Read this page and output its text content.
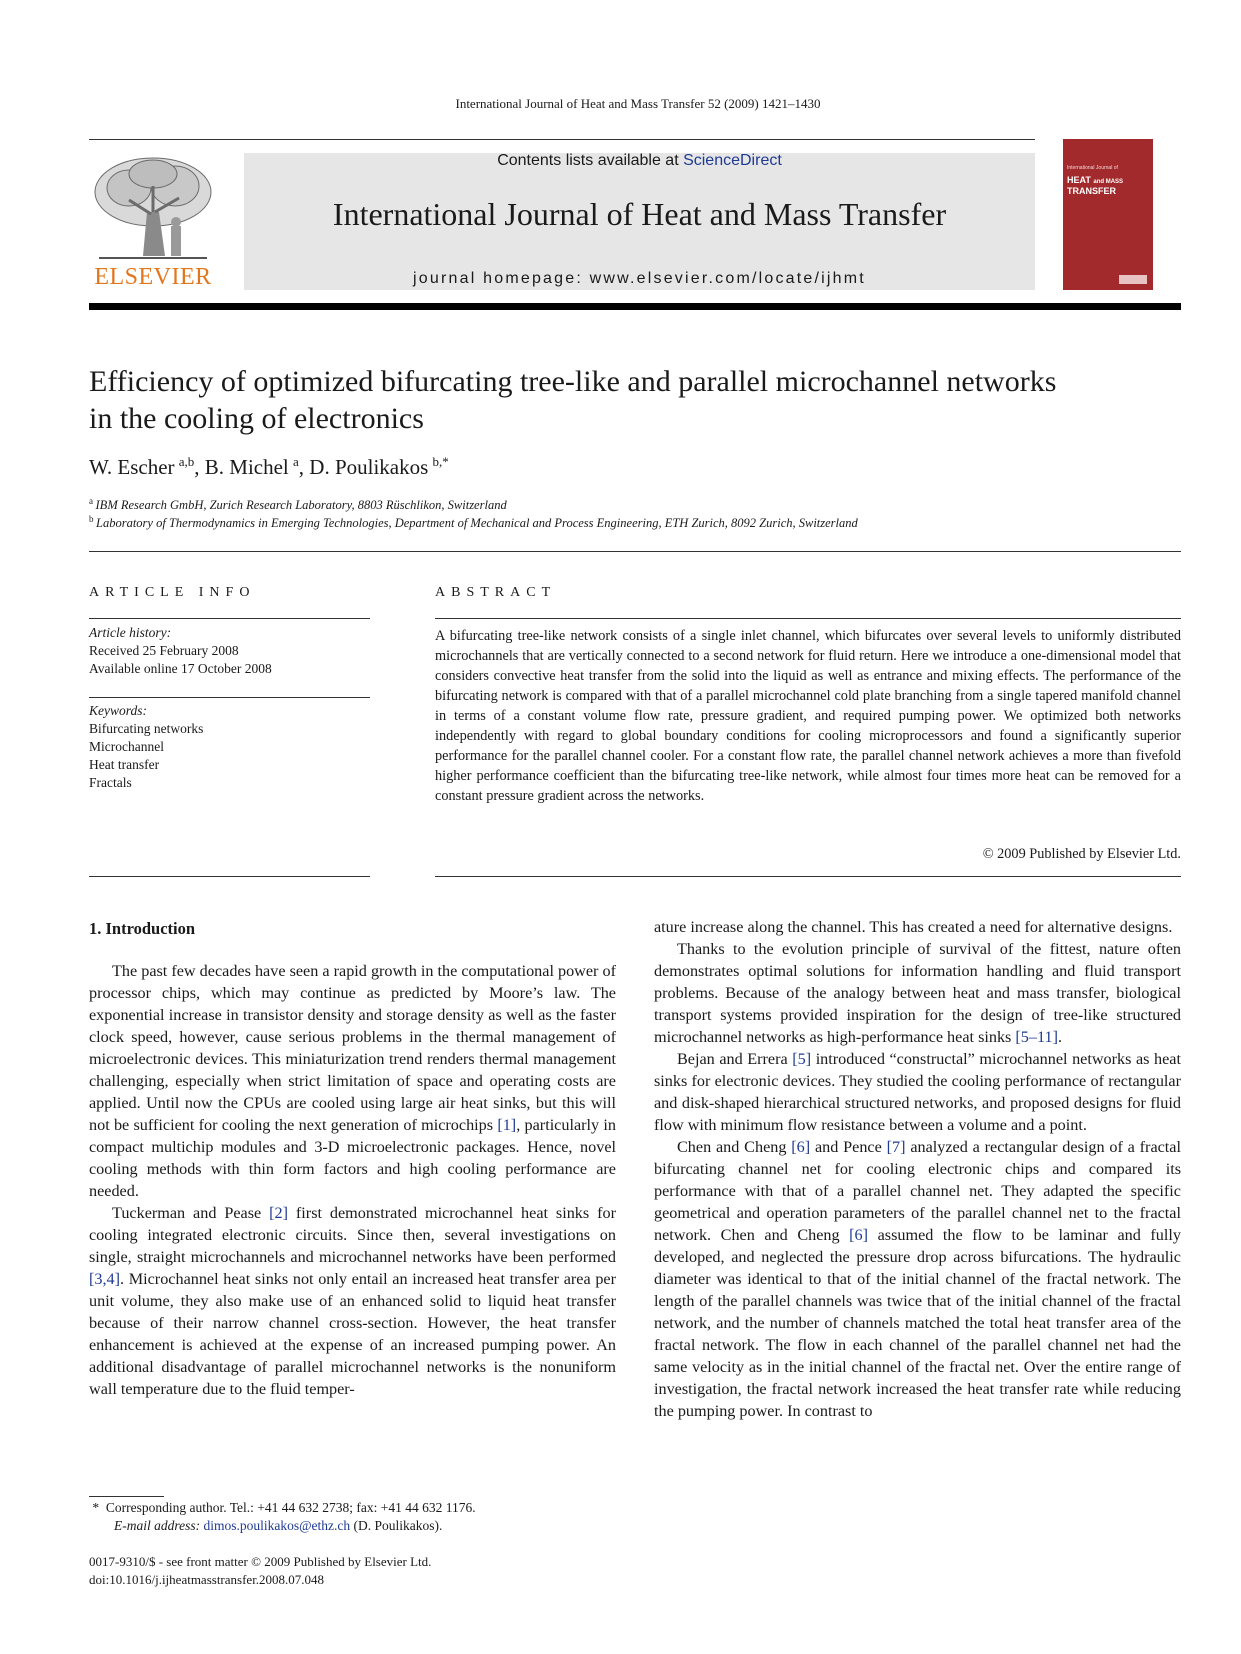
International Journal of Heat and Mass Transfer 52 (2009) 1421–1430
ELSEVIER
Contents lists available at ScienceDirect
International Journal of Heat and Mass Transfer
journal homepage: www.elsevier.com/locate/ijhmt
International Journal of
HEAT and MASS
TRANSFER
Efficiency of optimized bifurcating tree-like and parallel microchannel networks
in the cooling of electronics
W. Escher  $^{a,b}$, B. Michel  $^a$, D. Poulikakos  $^{b,*}$
$^a$  IBM Research GmbH, Zurich Research Laboratory, 8803 Rüschlikon, Switzerland
$^b$  Laboratory of Thermodynamics in Emerging Technologies, Department of Mechanical and Process Engineering, ETH Zurich, 8092 Zurich, Switzerland
ARTICLE INFO
Article history:
Received 25 February 2008
Available online 17 October 2008
Keywords:
Bifurcating networks
Microchannel
Heat transfer
Fractals
ABSTRACT
A bifurcating tree-like network consists of a single inlet channel, which bifurcates over several levels to uniformly distributed microchannels that are vertically connected to a second network for fluid return. Here we introduce a one-dimensional model that considers convective heat transfer from the solid into the liquid as well as entrance and mixing effects. The performance of the bifurcating network is compared with that of a parallel microchannel cold plate branching from a single tapered manifold channel in terms of a constant volume flow rate, pressure gradient, and required pumping power. We optimized both networks independently with regard to global boundary conditions for cooling microprocessors and found a significantly superior performance for the parallel channel cooler. For a constant flow rate, the parallel channel network achieves a more than fivefold higher performance coefficient than the bifurcating tree-like network, while almost four times more heat can be removed for a constant pressure gradient across the networks.
© 2009 Published by Elsevier Ltd.
1. Introduction

The past few decades have seen a rapid growth in the computational power of processor chips, which may continue as predicted by Moore’s law. The exponential increase in transistor density and storage density as well as the faster clock speed, however, cause serious problems in the thermal management of microelectronic devices. This miniaturization trend renders thermal management challenging, especially when strict limitation of space and operating costs are applied. Until now the CPUs are cooled using large air heat sinks, but this will not be sufficient for cooling the next generation of microchips [1], particularly in compact multichip modules and 3-D microelectronic packages. Hence, novel cooling methods with thin form factors and high cooling performance are needed.

Tuckerman and Pease [2] first demonstrated microchannel heat sinks for cooling integrated electronic circuits. Since then, several investigations on single, straight microchannels and microchannel networks have been performed [3,4]. Microchannel heat sinks not only entail an increased heat transfer area per unit volume, they also make use of an enhanced solid to liquid heat transfer because of their narrow channel cross-section. However, the heat transfer enhancement is achieved at the expense of an increased pumping power. An additional disadvantage of parallel microchannel networks is the nonuniform wall temperature due to the fluid temper-

ature increase along the channel. This has created a need for alternative designs.

Thanks to the evolution principle of survival of the fittest, nature often demonstrates optimal solutions for information handling and fluid transport problems. Because of the analogy between heat and mass transfer, biological transport systems provided inspiration for the design of tree-like structured microchannel networks as high-performance heat sinks [5–11].

Bejan and Errera [5] introduced “constructal” microchannel networks as heat sinks for electronic devices. They studied the cooling performance of rectangular and disk-shaped hierarchical structured networks, and proposed designs for fluid flow with minimum flow resistance between a volume and a point.

Chen and Cheng [6] and Pence [7] analyzed a rectangular design of a fractal bifurcating channel net for cooling electronic chips and compared its performance with that of a parallel channel net. They adapted the specific geometrical and operation parameters of the parallel channel net to the fractal network. Chen and Cheng [6] assumed the flow to be laminar and fully developed, and neglected the pressure drop across bifurcations. The hydraulic diameter was identical to that of the initial channel of the fractal network. The length of the parallel channels was twice that of the initial channel of the fractal network, and the number of channels matched the total heat transfer area of the fractal network. The flow in each channel of the parallel channel net had the same velocity as in the initial channel of the fractal net. Over the entire range of investigation, the fractal network increased the heat transfer rate while reducing the pumping power. In contrast to

* Corresponding author. Tel.: +41 44 632 2738; fax: +41 44 632 1176.
E-mail address: dimos.poulikakos@ethz.ch (D. Poulikakos).
0017-9310/$ - see front matter © 2009 Published by Elsevier Ltd.
doi:10.1016/j.ijheatmasstransfer.2008.07.048
